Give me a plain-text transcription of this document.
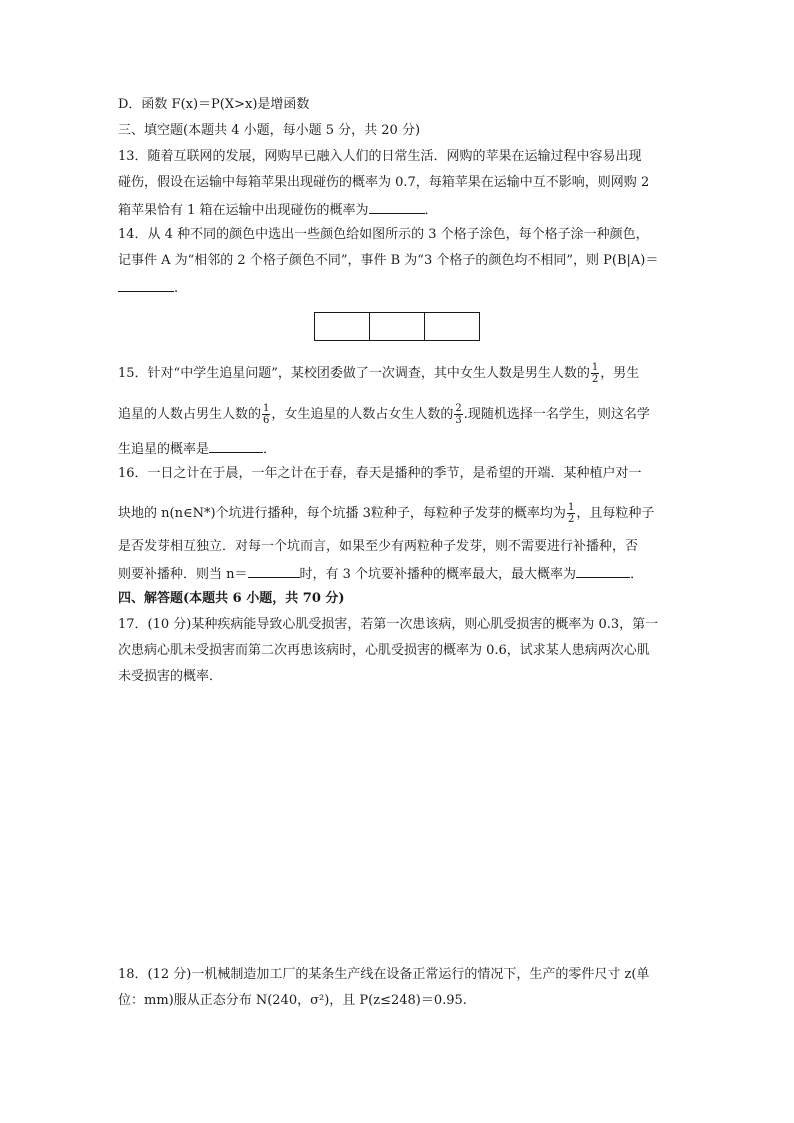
D．函数 F(x)＝P(X>x)是增函数
三、填空题(本题共 4 小题，每小题 5 分，共 20 分)
13．随着互联网的发展，网购早已融入人们的日常生活．网购的苹果在运输过程中容易出现
碰伤，假设在运输中每箱苹果出现碰伤的概率为 0.7，每箱苹果在运输中互不影响，则网购 2
箱苹果恰有 1 箱在运输中出现碰伤的概率为	．
14．从 4 种不同的颜色中选出一些颜色给如图所示的 3 个格子涂色，每个格子涂一种颜色，
记事件 A 为“相邻的 2 个格子颜色不同”，事件 B 为“3 个格子的颜色均不相同”，则 P(B|A)＝
.
15．针对“中学生追星问题”，某校团委做了一次调查，其中女生人数是男生人数的 $\frac{1}{2}$ ，男生
追星的人数占男生人数的 $\frac{1}{6}$ ，女生追星的人数占女生人数的 $\frac{2}{3}$ .现随机选择一名学生，则这名学
生追星的概率是	．
16．一日之计在于晨，一年之计在于春，春天是播种的季节，是希望的开端．某种植户对一
块地的 n(n∈N*)个坑进行播种，每个坑播 3粒种子，每粒种子发芽的概率均为 $\frac{1}{2}$ ，且每粒种子
是否发芽相互独立．对每一个坑而言，如果至少有两粒种子发芽，则不需要进行补播种，否
则要补播种．则当 n＝	时，有 3 个坑要补播种的概率最大，最大概率为	．
四、解答题(本题共 6 小题，共 70 分)
17．(10 分)某种疾病能导致心肌受损害，若第一次患该病，则心肌受损害的概率为 0.3，第一
次患病心肌未受损害而第二次再患该病时，心肌受损害的概率为 0.6，试求某人患病两次心肌
未受损害的概率．
18．(12 分)一机械制造加工厂的某条生产线在设备正常运行的情况下，生产的零件尺寸 z(单
位：mm)服从正态分布 N(240，σ²)，且 P(z≤248)＝0.95.
